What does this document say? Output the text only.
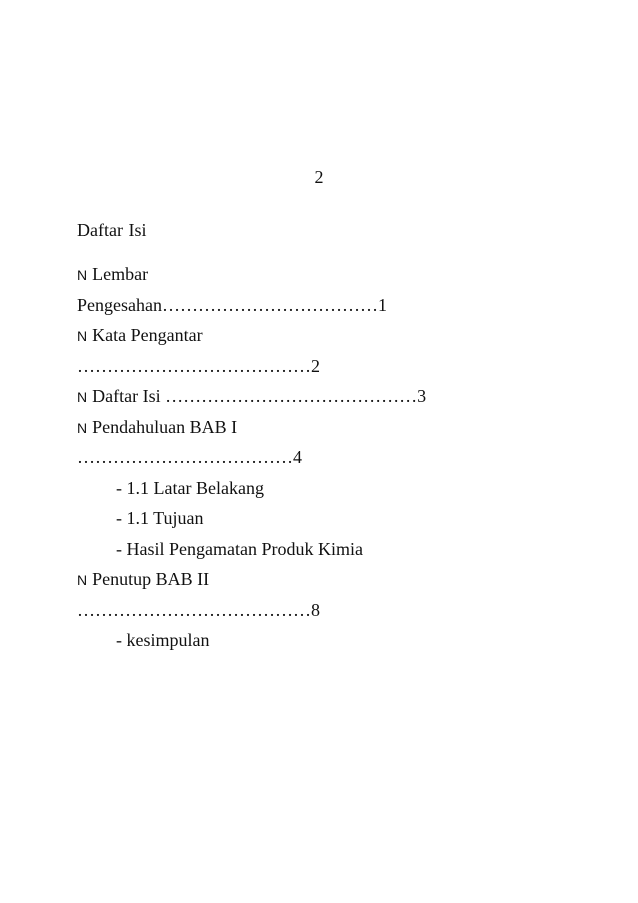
2
Daftar Isi
N Lembar
Pengesahan………………………………1
N Kata Pengantar
…………………………………2
N Daftar Isi ……………………………………3
N Pendahuluan BAB I
………………………………4
- 1.1 Latar Belakang
- 1.1 Tujuan
- Hasil Pengamatan Produk Kimia
N Penutup BAB II
…………………………………8
- kesimpulan
